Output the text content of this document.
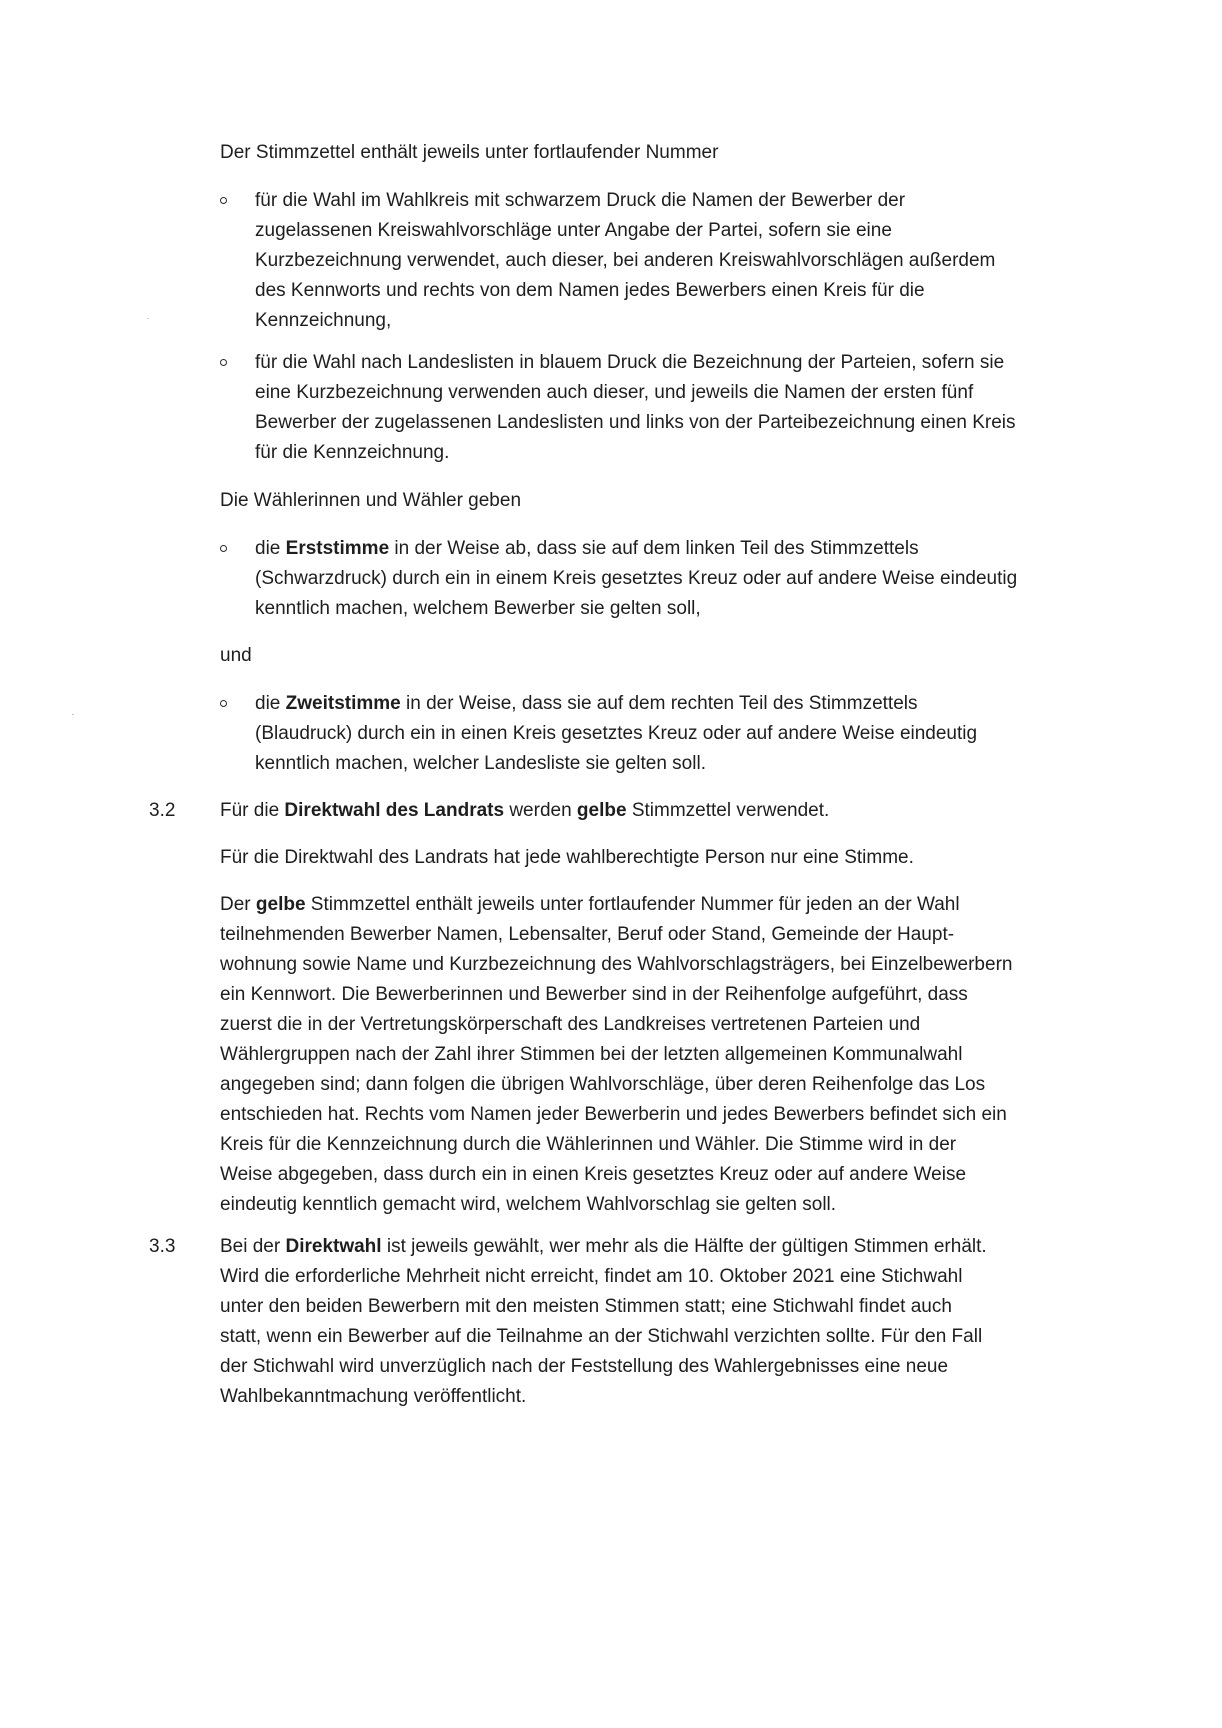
Der Stimmzettel enthält jeweils unter fortlaufender Nummer

für die Wahl im Wahlkreis mit schwarzem Druck die Namen der Bewerber der
zugelassenen Kreiswahlvorschläge unter Angabe der Partei, sofern sie eine
Kurzbezeichnung verwendet, auch dieser, bei anderen Kreiswahlvorschlägen außerdem
des Kennworts und rechts von dem Namen jedes Bewerbers einen Kreis für die
Kennzeichnung,

für die Wahl nach Landeslisten in blauem Druck die Bezeichnung der Parteien, sofern sie
eine Kurzbezeichnung verwenden auch dieser, und jeweils die Namen der ersten fünf
Bewerber der zugelassenen Landeslisten und links von der Parteibezeichnung einen Kreis
für die Kennzeichnung.

Die Wählerinnen und Wähler geben

die Erststimme in der Weise ab, dass sie auf dem linken Teil des Stimmzettels
(Schwarzdruck) durch ein in einem Kreis gesetztes Kreuz oder auf andere Weise eindeutig
kenntlich machen, welchem Bewerber sie gelten soll,

und

die Zweitstimme in der Weise, dass sie auf dem rechten Teil des Stimmzettels
(Blaudruck) durch ein in einen Kreis gesetztes Kreuz oder auf andere Weise eindeutig
kenntlich machen, welcher Landesliste sie gelten soll.

3.2 Für die Direktwahl des Landrats werden gelbe Stimmzettel verwendet.

Für die Direktwahl des Landrats hat jede wahlberechtigte Person nur eine Stimme.

Der gelbe Stimmzettel enthält jeweils unter fortlaufender Nummer für jeden an der Wahl
teilnehmenden Bewerber Namen, Lebensalter, Beruf oder Stand, Gemeinde der Haupt-
wohnung sowie Name und Kurzbezeichnung des Wahlvorschlagsträgers, bei Einzelbewerbern
ein Kennwort. Die Bewerberinnen und Bewerber sind in der Reihenfolge aufgeführt, dass
zuerst die in der Vertretungskörperschaft des Landkreises vertretenen Parteien und
Wählergruppen nach der Zahl ihrer Stimmen bei der letzten allgemeinen Kommunalwahl
angegeben sind; dann folgen die übrigen Wahlvorschläge, über deren Reihenfolge das Los
entschieden hat. Rechts vom Namen jeder Bewerberin und jedes Bewerbers befindet sich ein
Kreis für die Kennzeichnung durch die Wählerinnen und Wähler. Die Stimme wird in der
Weise abgegeben, dass durch ein in einen Kreis gesetztes Kreuz oder auf andere Weise
eindeutig kenntlich gemacht wird, welchem Wahlvorschlag sie gelten soll.

3.3 Bei der Direktwahl ist jeweils gewählt, wer mehr als die Hälfte der gültigen Stimmen erhält.
Wird die erforderliche Mehrheit nicht erreicht, findet am 10. Oktober 2021 eine Stichwahl
unter den beiden Bewerbern mit den meisten Stimmen statt; eine Stichwahl findet auch
statt, wenn ein Bewerber auf die Teilnahme an der Stichwahl verzichten sollte. Für den Fall
der Stichwahl wird unverzüglich nach der Feststellung des Wahlergebnisses eine neue
Wahlbekanntmachung veröffentlicht.
